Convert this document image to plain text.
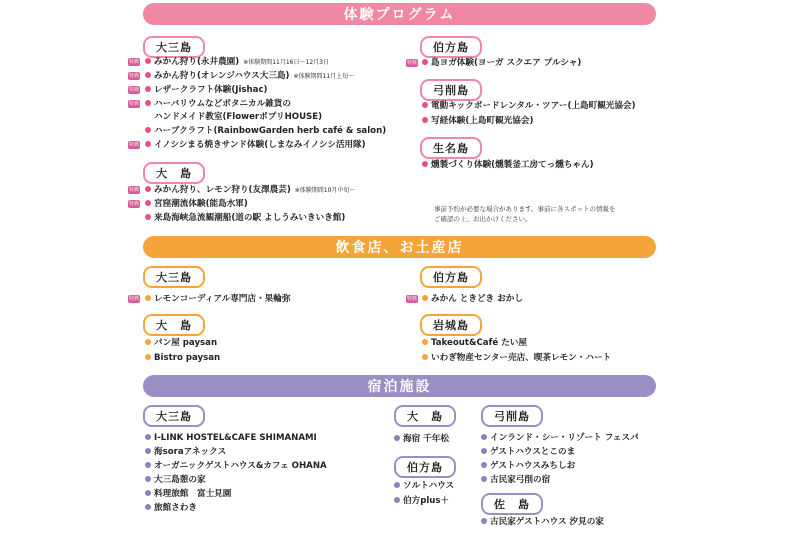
体験プログラム
飲食店、お土産店
宿泊施設
大三島
特典	みかん狩り(永井農園) ※体験期間11月16日～12月3日
特典	みかん狩り(オレンジハウス大三島) ※体験期間11月上旬～
特典	レザークラフト体験(Jishac)
特典	ハーバリウムなどボタニカル雑貨の
ハンドメイド教室(FlowerポプリHOUSE)
ハーブクラフト(RainbowGarden herb café & salon)
特典	イノシシまる焼きサンド体験(しまなみイノシシ活用隊)
大　島
特典	みかん狩り、レモン狩り(友澤農芸) ※体験期間10月中旬～
特典	宮窪潮流体験(能島水軍)
来島海峡急流観潮船(道の駅 よしうみいきいき館)
伯方島
特典	島ヨガ体験(ヨーガ スクエア プルシャ)
弓削島
電動キックボードレンタル・ツアー(上島町観光協会)
写経体験(上島町観光協会)
生名島
燻製づくり体験(燻製釜工房てっ燻ちゃん)
事前予約が必要な場合があります。事前に各スポットの情報を
ご確認の上、お出かけください。
大三島
特典	レモンコーディアル専門店・果輪弥
大　島
パン屋 paysan
Bistro paysan
伯方島
特典	みかん ときどき おかし
岩城島
Takeout&Café たい屋
いわぎ物産センター売店、喫茶レモン・ハート
大三島
I-LINK HOSTEL&CAFE SHIMANAMI
海soraアネックス
オーガニックゲストハウス&カフェ OHANA
大三島憩の家
料理旅館　富士見園
旅館さわき
大　島
海宿 千年松
伯方島
ソルトハウス
伯方plus＋
弓削島
インランド・シー・リゾート フェスパ
ゲストハウスとこのま
ゲストハウスみちしお
古民家弓削の宿
佐　島
古民家ゲストハウス 汐見の家
